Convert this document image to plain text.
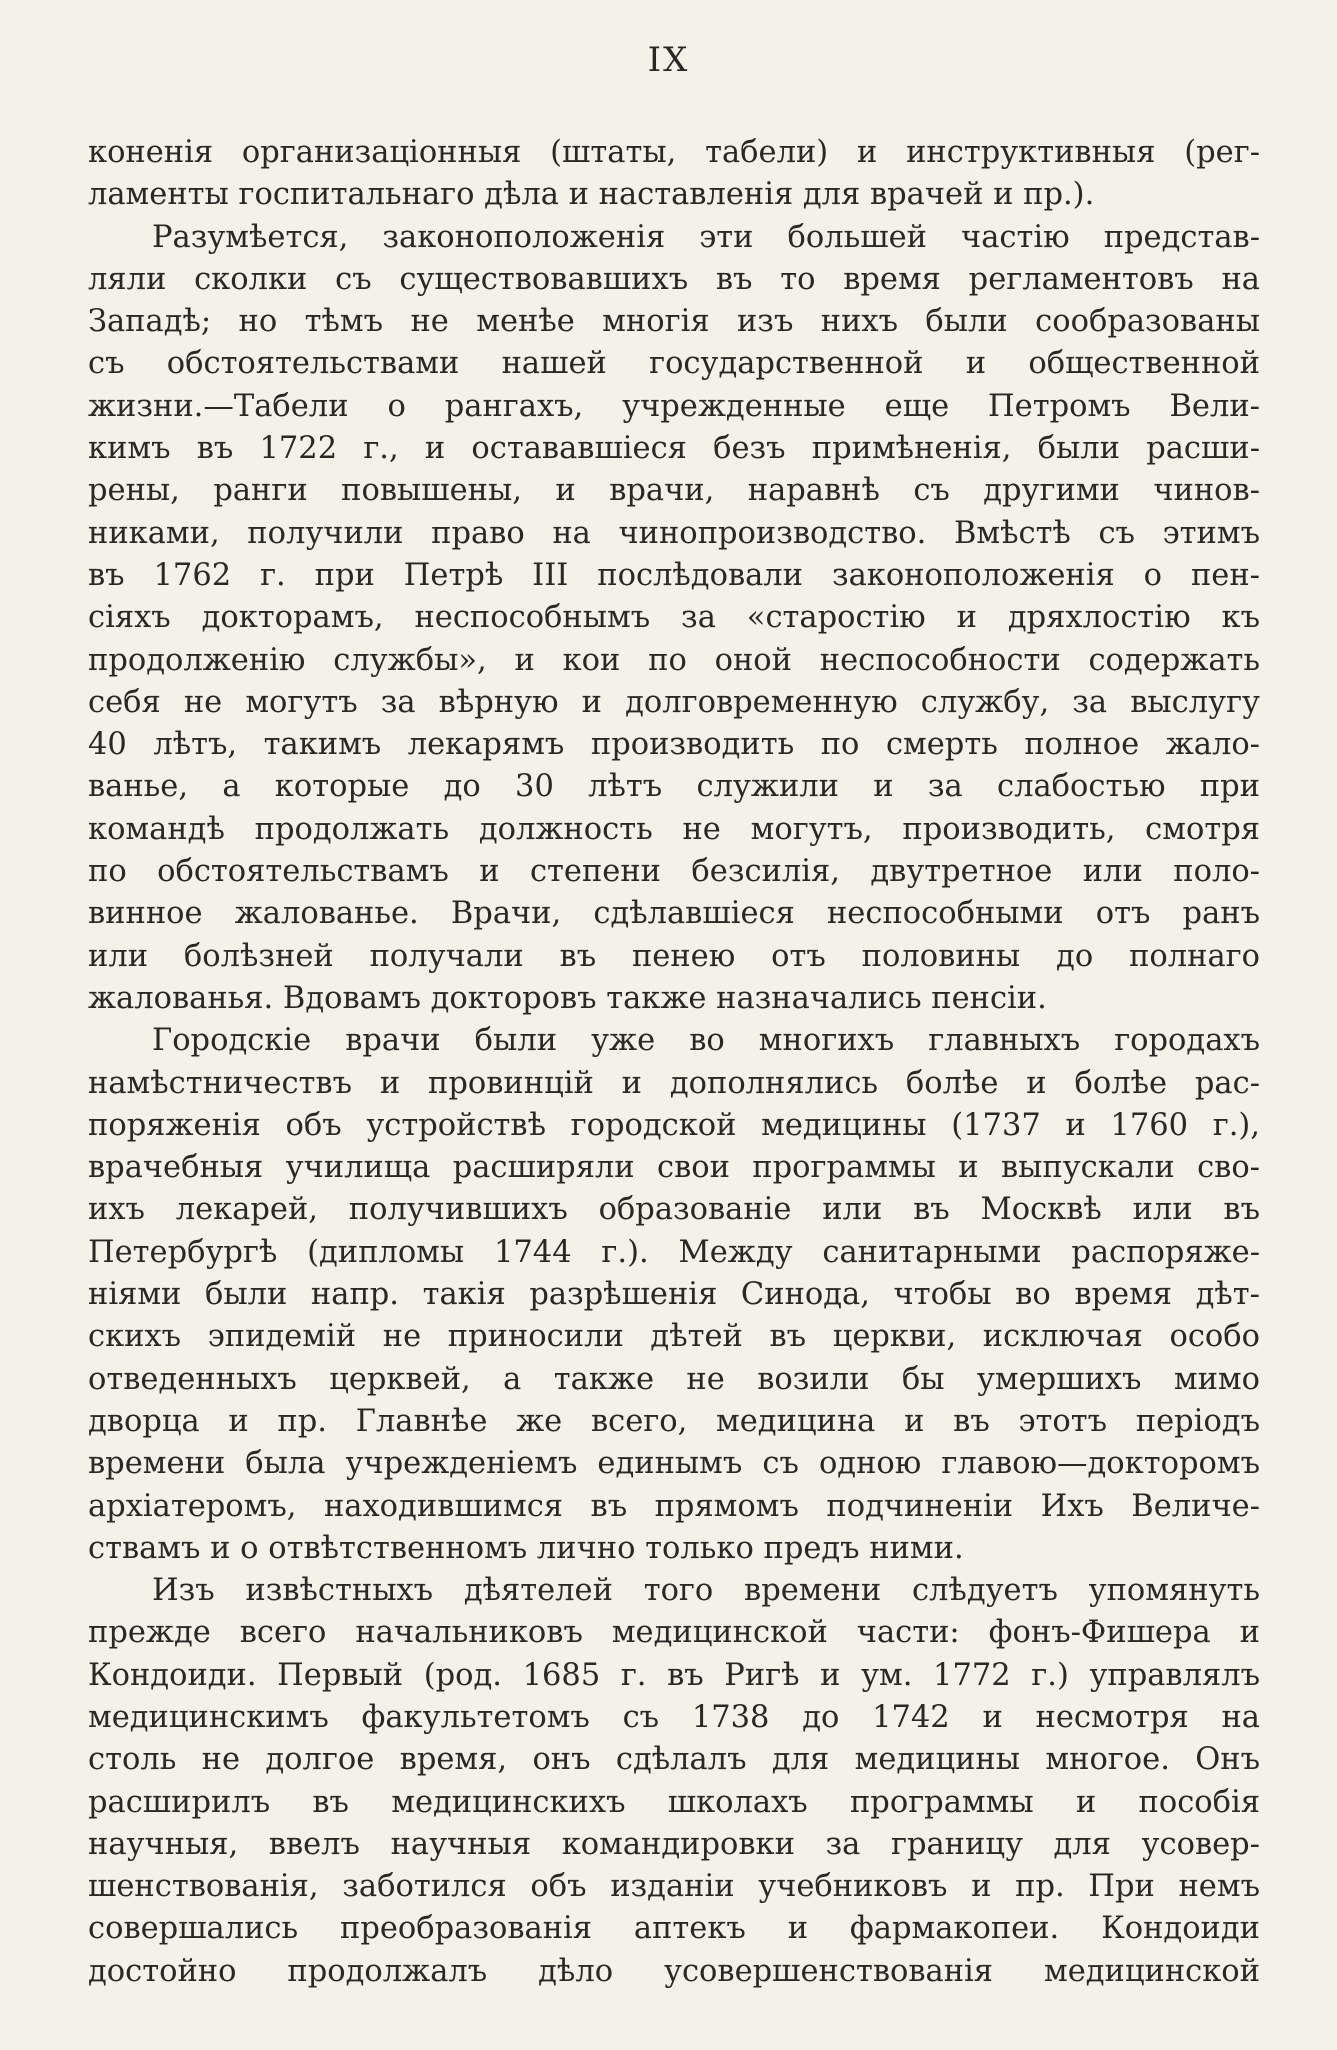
IX
коненія организаціонныя (штаты, табели) и инструктивныя (рег-
ламенты госпитальнаго дѣла и наставленія для врачей и пр.).
Разумѣется, законоположенія эти большей частію представ-
ляли сколки съ существовавшихъ въ то время регламентовъ на
Западѣ; но тѣмъ не менѣе многія изъ нихъ были сообразованы
съ обстоятельствами нашей государственной и общественной
жизни.—Табели о рангахъ, учрежденные еще Петромъ Вели-
кимъ въ 1722 г., и остававшіеся безъ примѣненія, были расши-
рены, ранги повышены, и врачи, наравнѣ съ другими чинов-
никами, получили право на чинопроизводство. Вмѣстѣ съ этимъ
въ 1762 г. при Петрѣ III послѣдовали законоположенія о пен-
сіяхъ докторамъ, неспособнымъ за «старостію и дряхлостію къ
продолженію службы», и кои по оной неспособности содержать
себя не могутъ за вѣрную и долговременную службу, за выслугу
40 лѣтъ, такимъ лекарямъ производить по смерть полное жало-
ванье, а которые до 30 лѣтъ служили и за слабостью при
командѣ продолжать должность не могутъ, производить, смотря
по обстоятельствамъ и степени безсилія, двутретное или поло-
винное жалованье. Врачи, сдѣлавшіеся неспособными отъ ранъ
или болѣзней получали въ пенею отъ половины до полнаго
жалованья. Вдовамъ докторовъ также назначались пенсіи.
Городскіе врачи были уже во многихъ главныхъ городахъ
намѣстничествъ и провинцій и дополнялись болѣе и болѣе рас-
поряженія объ устройствѣ городской медицины (1737 и 1760 г.),
врачебныя училища расширяли свои программы и выпускали сво-
ихъ лекарей, получившихъ образованіе или въ Москвѣ или въ
Петербургѣ (дипломы 1744 г.). Между санитарными распоряже-
ніями были напр. такія разрѣшенія Синода, чтобы во время дѣт-
скихъ эпидемій не приносили дѣтей въ церкви, исключая особо
отведенныхъ церквей, а также не возили бы умершихъ мимо
дворца и пр. Главнѣе же всего, медицина и въ этотъ періодъ
времени была учрежденіемъ единымъ съ одною главою—докторомъ
архіатеромъ, находившимся въ прямомъ подчиненіи Ихъ Величе-
ствамъ и о отвѣтственномъ лично только предъ ними.
Изъ извѣстныхъ дѣятелей того времени слѣдуетъ упомянуть
прежде всего начальниковъ медицинской части: фонъ-Фишера и
Кондоиди. Первый (род. 1685 г. въ Ригѣ и ум. 1772 г.) управлялъ
медицинскимъ факультетомъ съ 1738 до 1742 и несмотря на
столь не долгое время, онъ сдѣлалъ для медицины многое. Онъ
расширилъ въ медицинскихъ школахъ программы и пособія
научныя, ввелъ научныя командировки за границу для усовер-
шенствованія, заботился объ изданіи учебниковъ и пр. При немъ
совершались преобразованія аптекъ и фармакопеи. Кондоиди
достойно продолжалъ дѣло усовершенствованія медицинской
